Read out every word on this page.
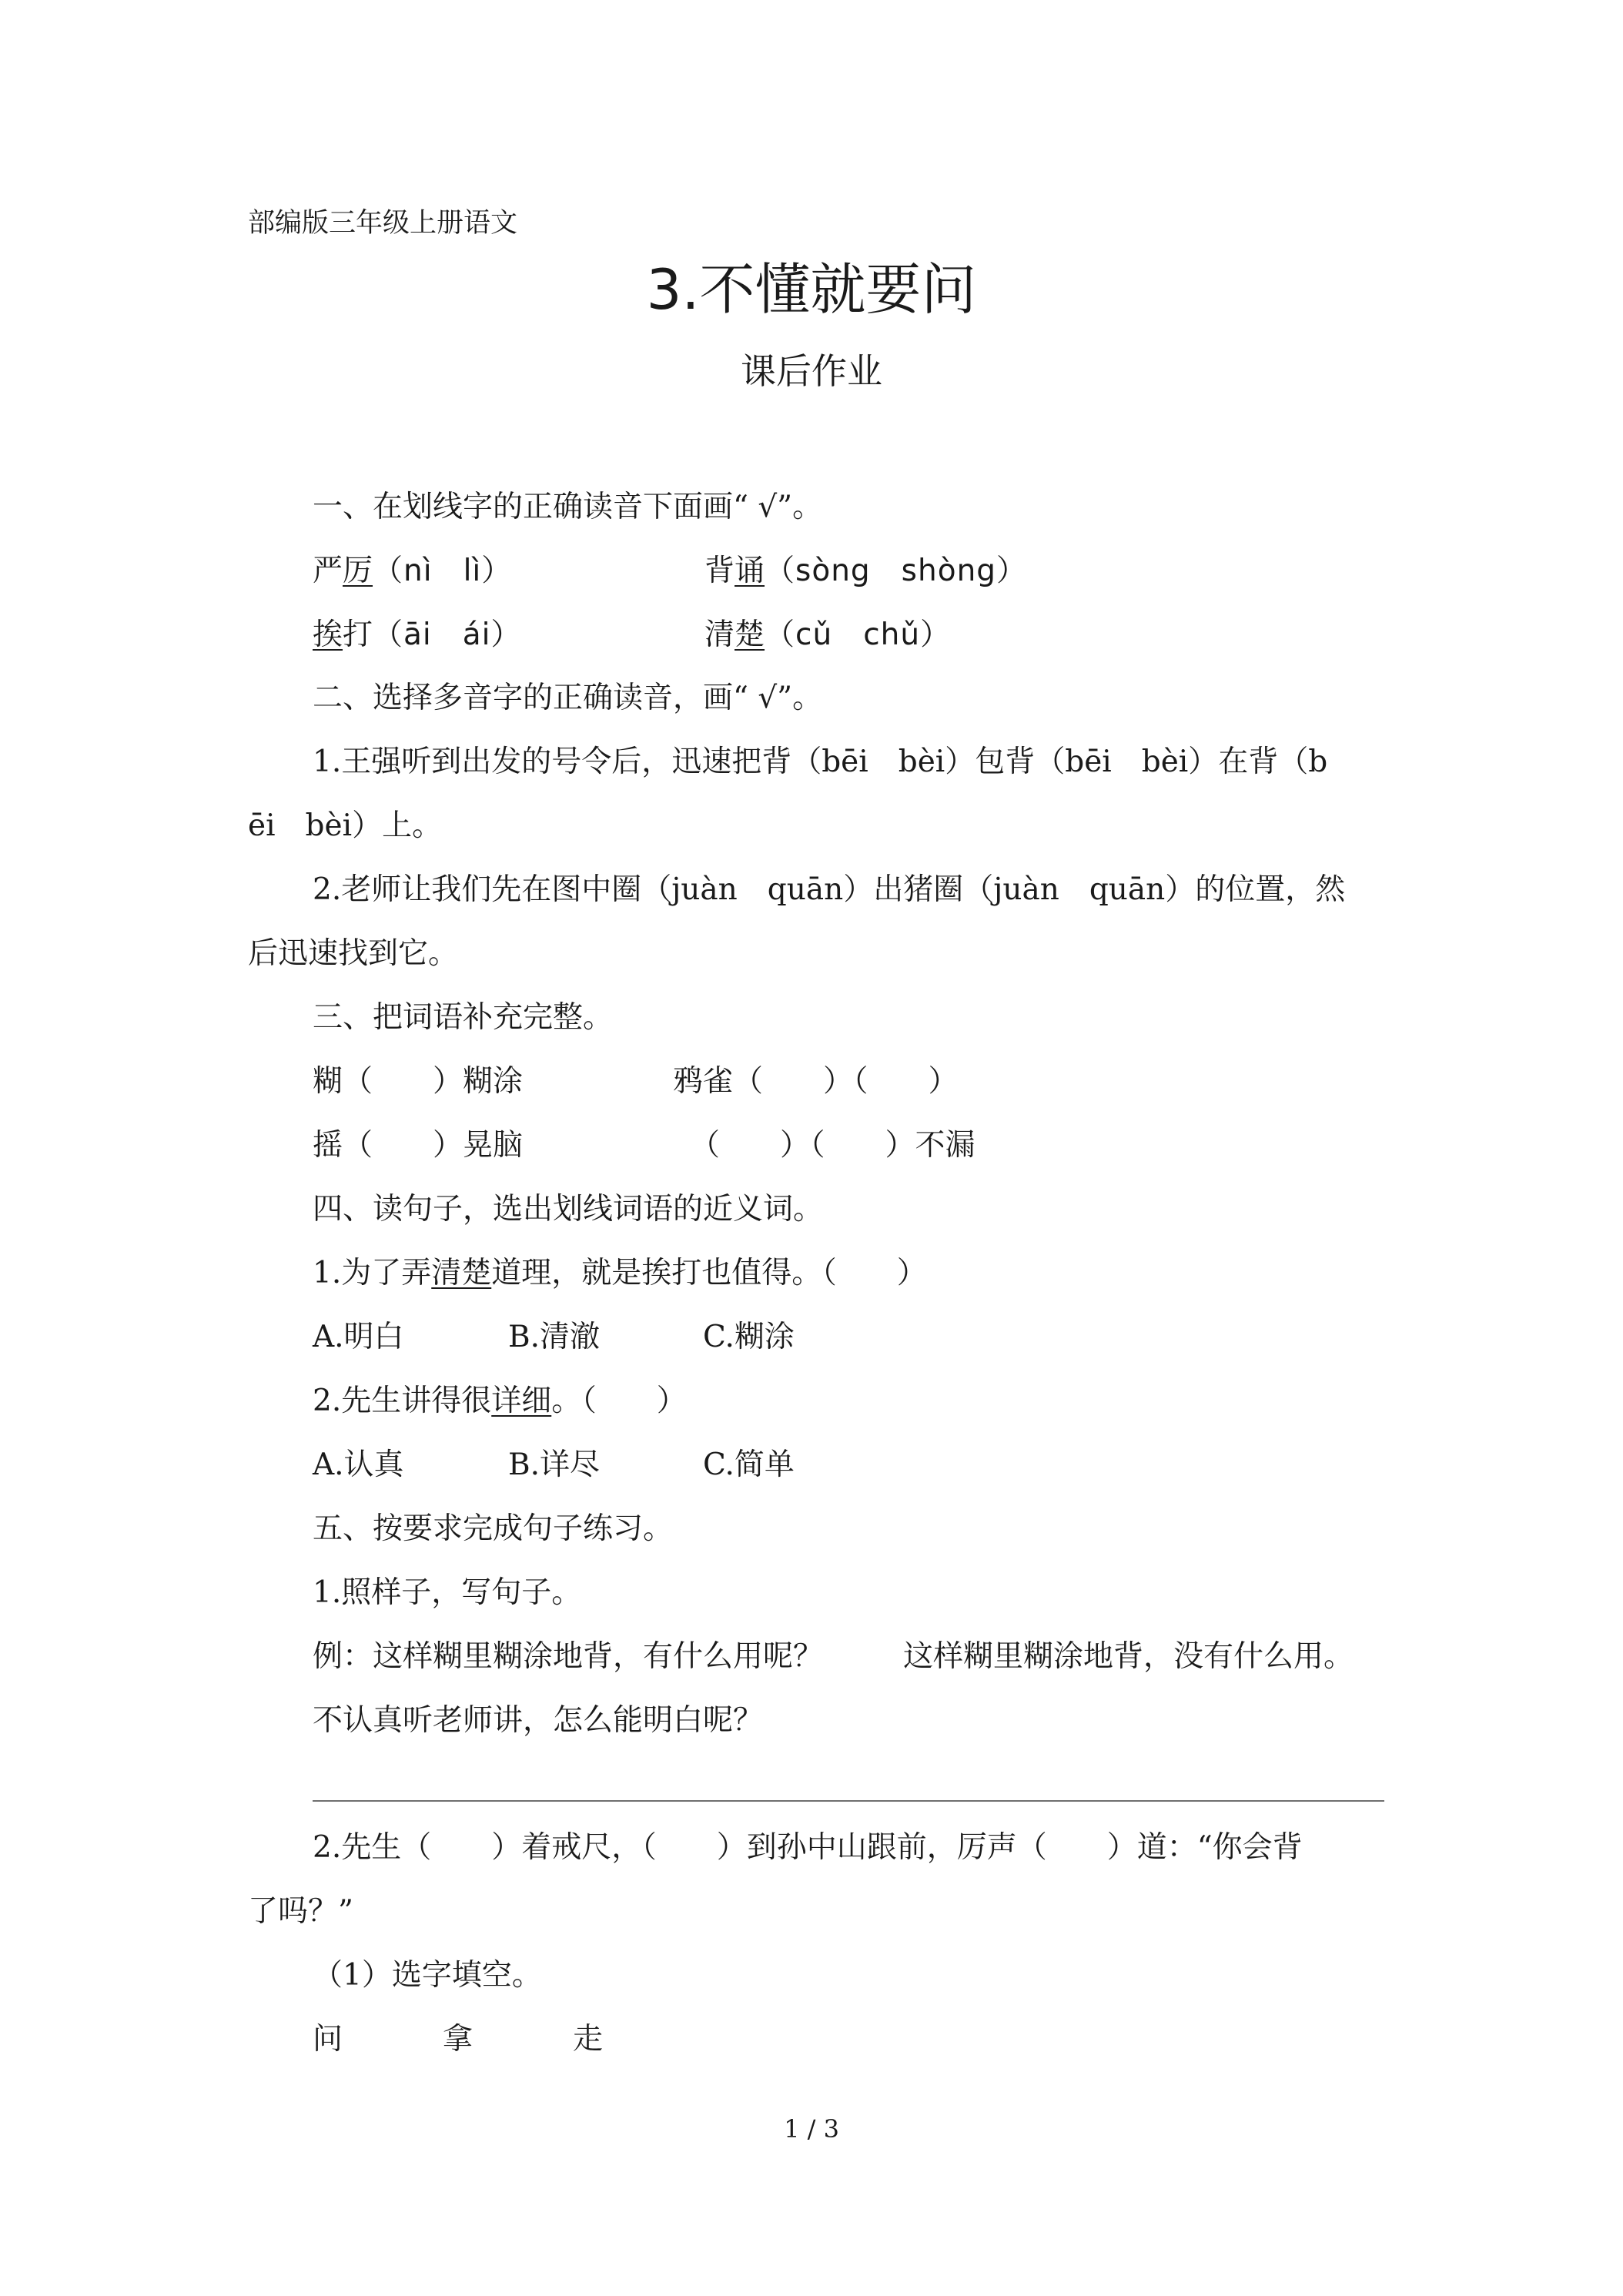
部编版三年级上册语文
3.不懂就要问
课后作业
一、在划线字的正确读音下面画“ √”。
严厉（nì　lì）	背诵（sòng　shòng）
挨打（āi　ái）	清楚（cǔ　chǔ）
二、选择多音字的正确读音，画“ √”。
1.王强听到出发的号令后，迅速把背（bēi　bèi）包背（bēi　bèi）在背（b
ēi　bèi）上。
2.老师让我们先在图中圈（juàn　quān）出猪圈（juàn　quān）的位置，然
后迅速找到它。
三、把词语补充完整。
糊（　　）糊涂	鸦雀（　　）（　　）
摇（　　）晃脑	（　　）（　　）不漏
四、读句子，选出划线词语的近义词。
1.为了弄清楚道理，就是挨打也值得。（　　）
A.明白	B.清澈	C.糊涂
2.先生讲得很详细。（　　）
A.认真	B.详尽	C.简单
五、按要求完成句子练习。
1.照样子，写句子。
例：这样糊里糊涂地背，有什么用呢？	这样糊里糊涂地背，没有什么用。
不认真听老师讲，怎么能明白呢？
2.先生（　　）着戒尺，（　　）到孙中山跟前，厉声（　　）道：“你会背
了吗？”
（1）选字填空。
问	拿	走
1 / 3
